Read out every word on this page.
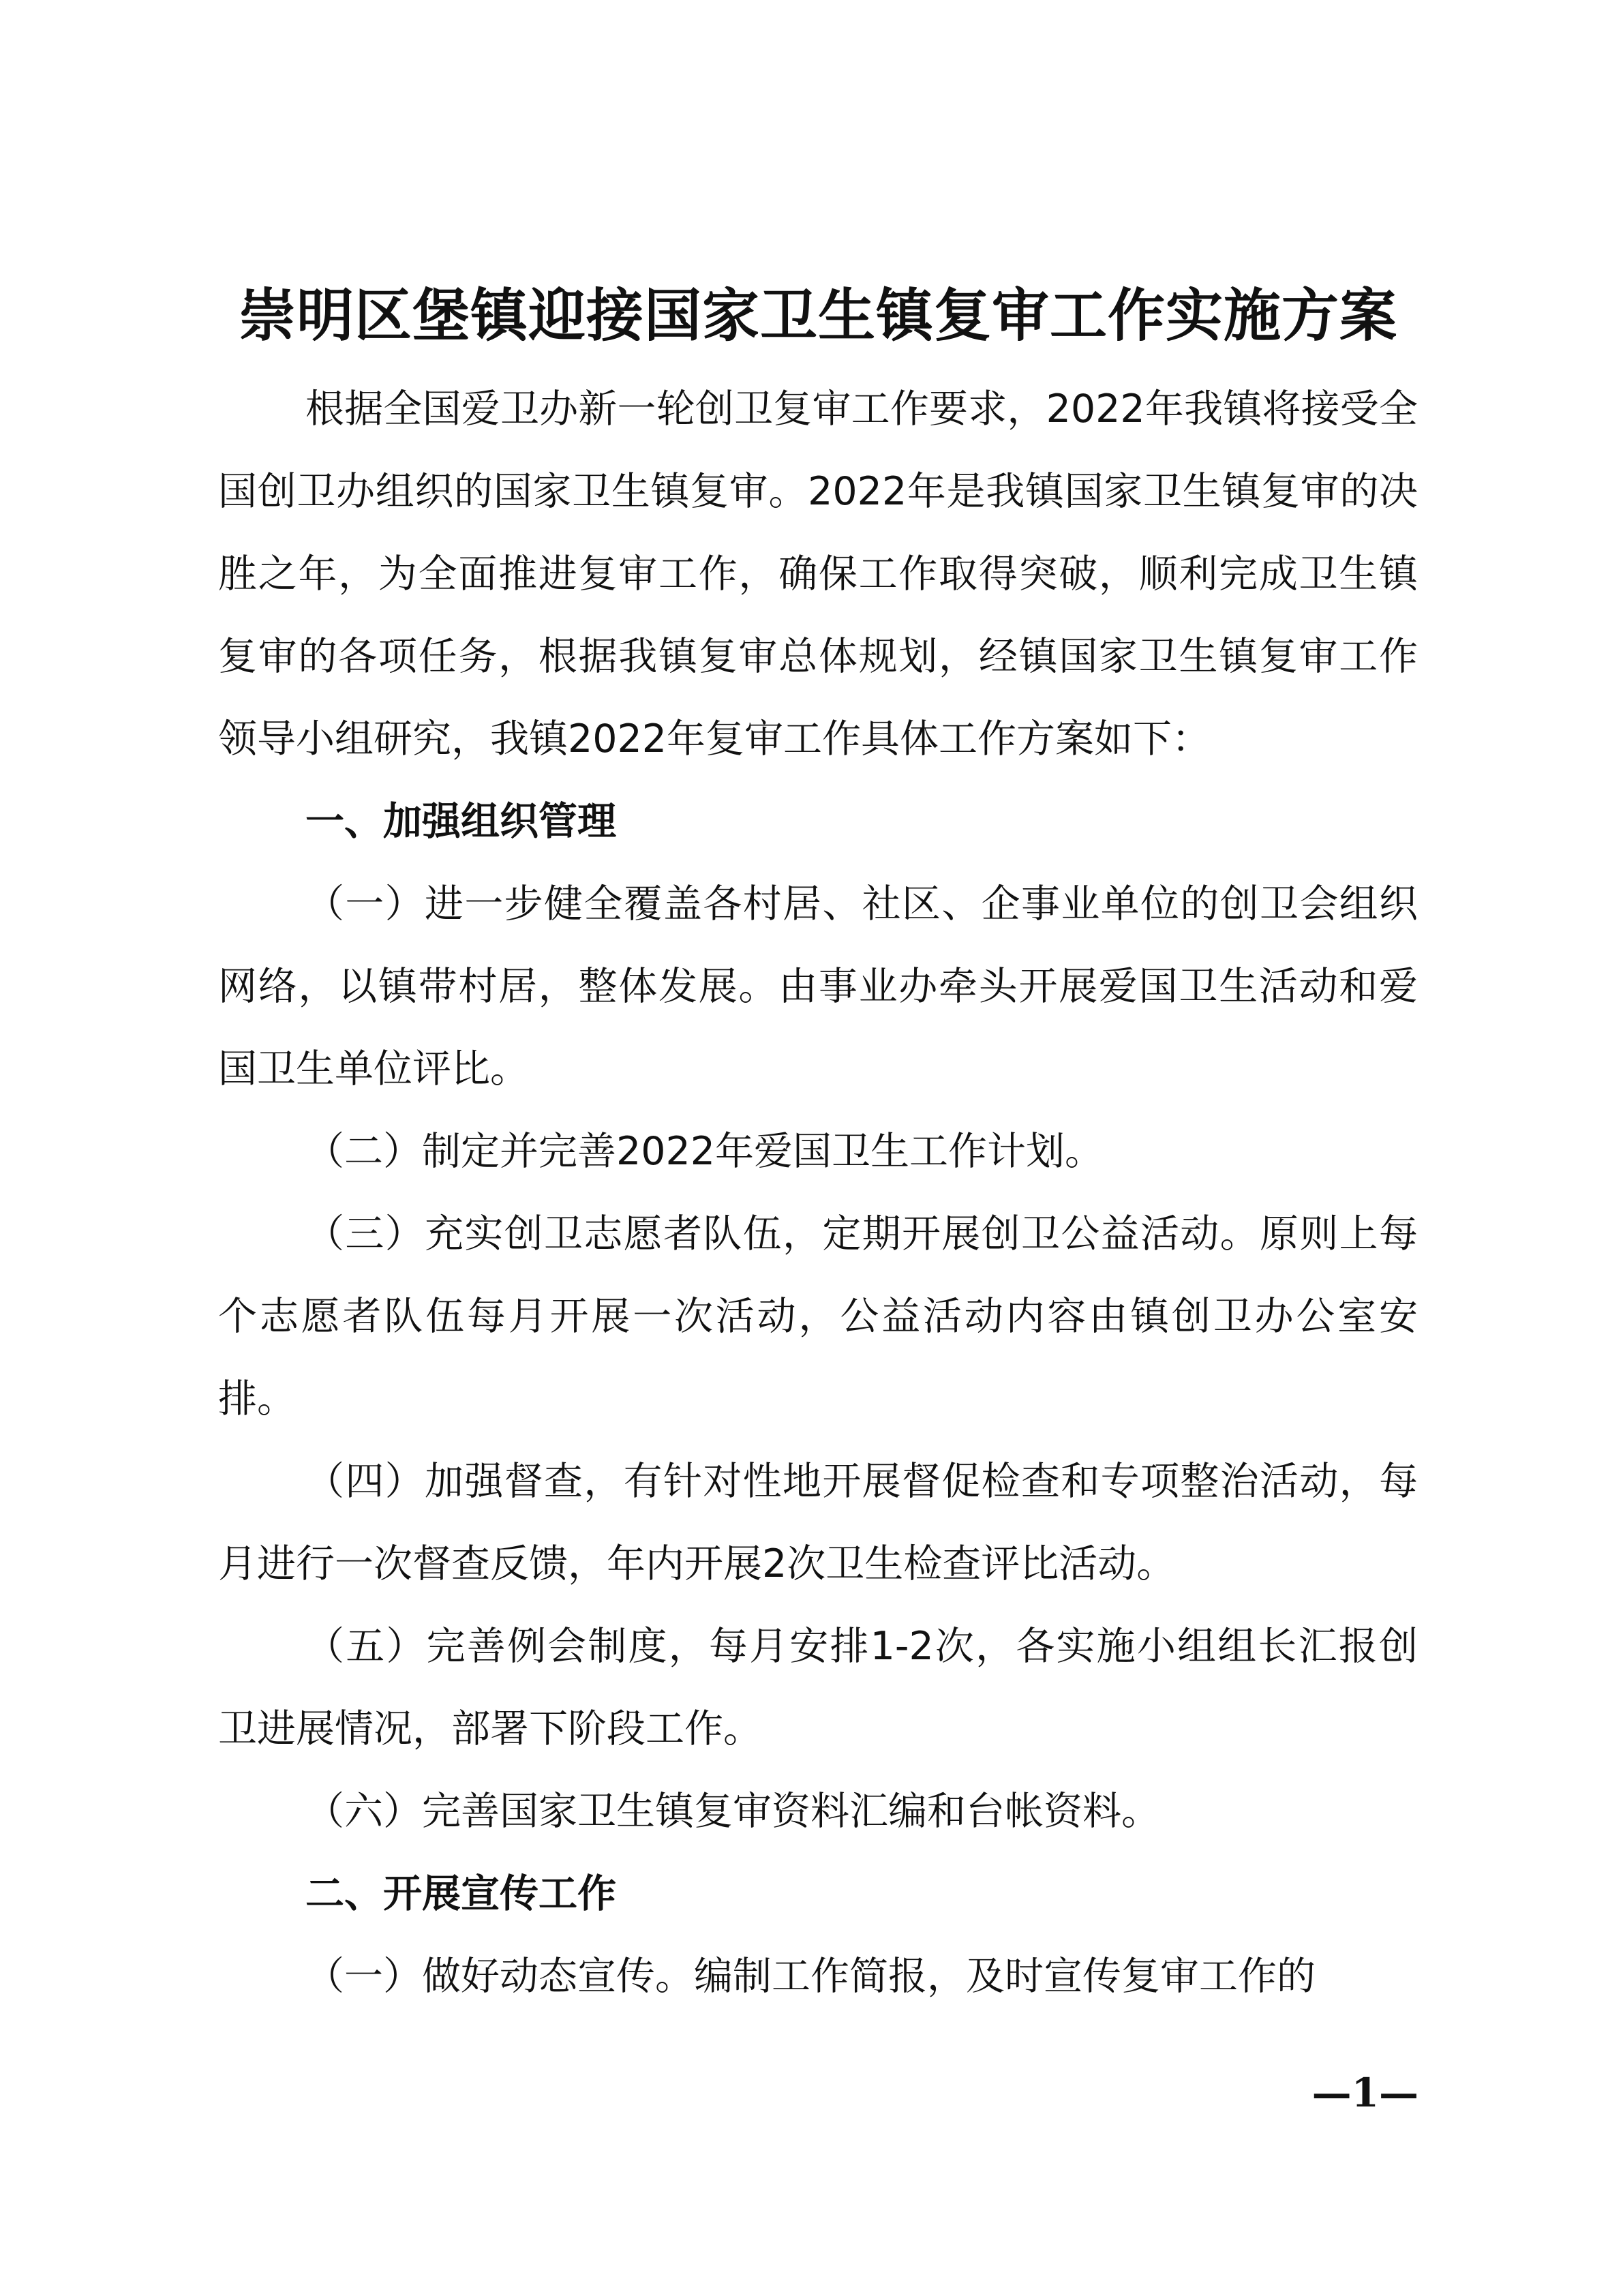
崇明区堡镇迎接国家卫生镇复审工作实施方案

根据全国爱卫办新一轮创卫复审工作要求，2022年我镇将接受全国创卫办组织的国家卫生镇复审。2022年是我镇国家卫生镇复审的决胜之年，为全面推进复审工作，确保工作取得突破，顺利完成卫生镇复审的各项任务，根据我镇复审总体规划，经镇国家卫生镇复审工作领导小组研究，我镇2022年复审工作具体工作方案如下：

一、加强组织管理

（一）进一步健全覆盖各村居、社区、企事业单位的创卫会组织网络，以镇带村居，整体发展。由事业办牵头开展爱国卫生活动和爱国卫生单位评比。

（二）制定并完善2022年爱国卫生工作计划。

（三）充实创卫志愿者队伍，定期开展创卫公益活动。原则上每个志愿者队伍每月开展一次活动，公益活动内容由镇创卫办公室安排。

（四）加强督查，有针对性地开展督促检查和专项整治活动，每月进行一次督查反馈，年内开展2次卫生检查评比活动。

（五）完善例会制度，每月安排1-2次，各实施小组组长汇报创卫进展情况，部署下阶段工作。

（六）完善国家卫生镇复审资料汇编和台帐资料。

二、开展宣传工作

（一）做好动态宣传。编制工作简报，及时宣传复审工作的

—1—
